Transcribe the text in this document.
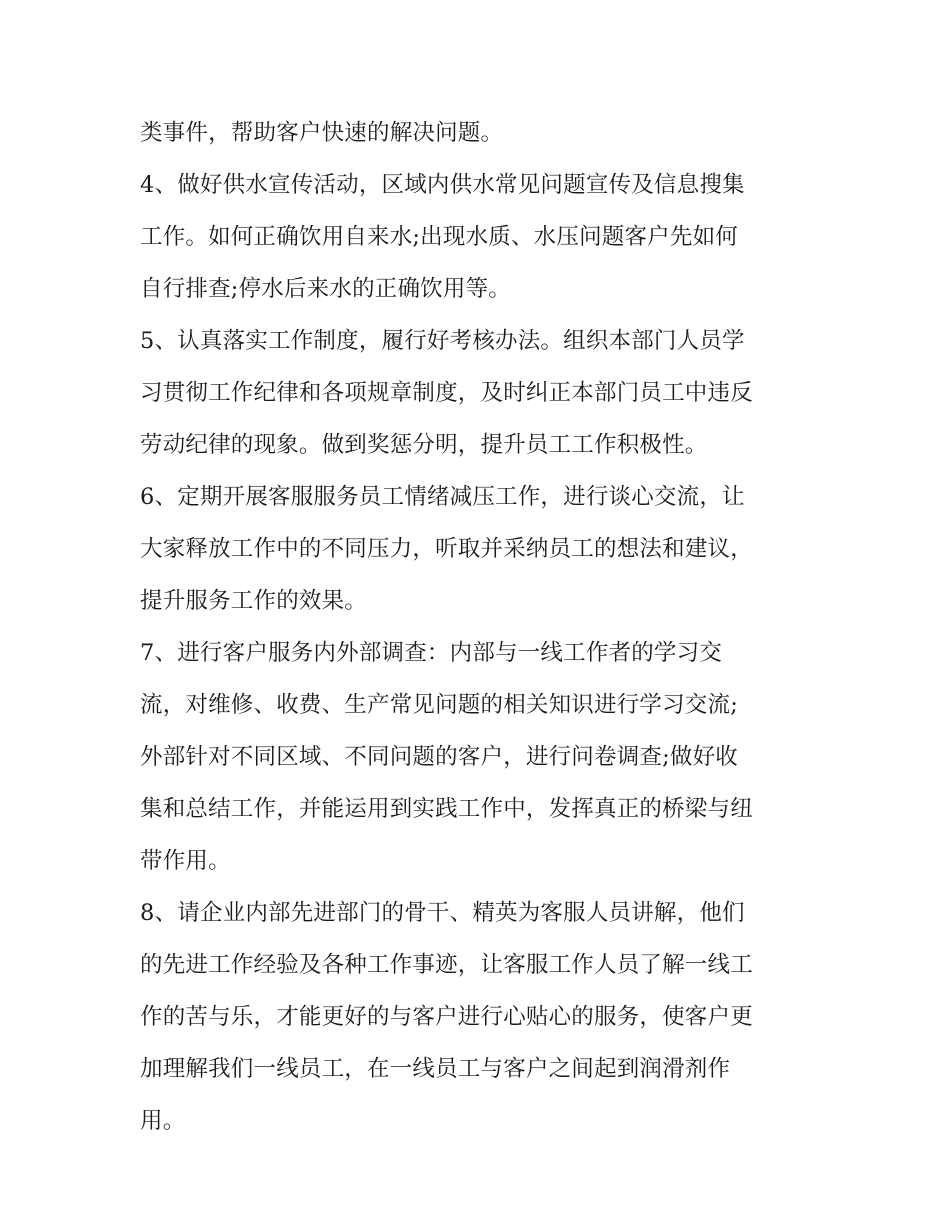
类事件，帮助客户快速的解决问题。
4、做好供水宣传活动，区域内供水常见问题宣传及信息搜集
工作。如何正确饮用自来水;出现水质、水压问题客户先如何
自行排查;停水后来水的正确饮用等。
5、认真落实工作制度，履行好考核办法。组织本部门人员学
习贯彻工作纪律和各项规章制度，及时纠正本部门员工中违反
劳动纪律的现象。做到奖惩分明，提升员工工作积极性。
6、定期开展客服服务员工情绪减压工作，进行谈心交流，让
大家释放工作中的不同压力，听取并采纳员工的想法和建议，
提升服务工作的效果。
7、进行客户服务内外部调查：内部与一线工作者的学习交
流，对维修、收费、生产常见问题的相关知识进行学习交流;
外部针对不同区域、不同问题的客户，进行问卷调查;做好收
集和总结工作，并能运用到实践工作中，发挥真正的桥梁与纽
带作用。
8、请企业内部先进部门的骨干、精英为客服人员讲解，他们
的先进工作经验及各种工作事迹，让客服工作人员了解一线工
作的苦与乐，才能更好的与客户进行心贴心的服务，使客户更
加理解我们一线员工，在一线员工与客户之间起到润滑剂作
用。
